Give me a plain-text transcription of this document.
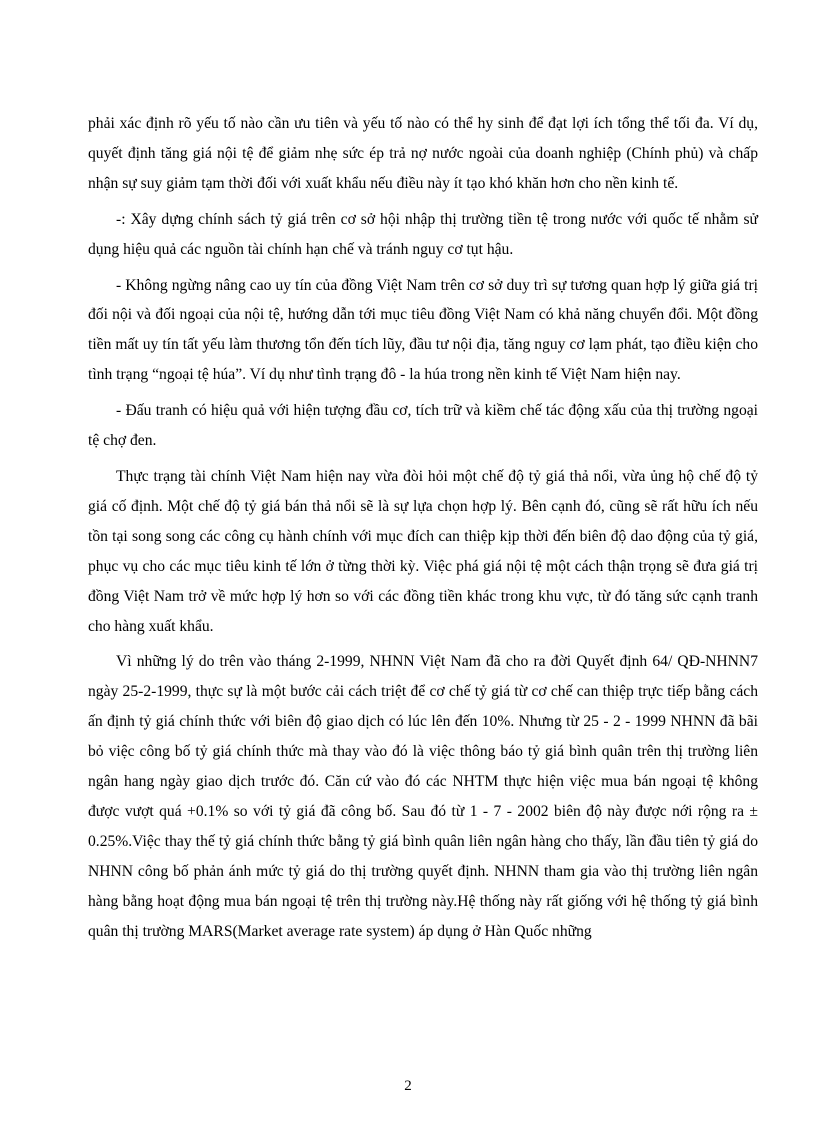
phải xác định rõ yếu tố nào cần ưu tiên và yếu tố nào có thể hy sinh để đạt lợi ích tổng thể tối đa. Ví dụ, quyết định tăng giá nội tệ để giảm nhẹ sức ép trả nợ nước ngoài của doanh nghiệp (Chính phủ) và chấp nhận sự suy giảm tạm thời đối với xuất khẩu nếu điều này ít tạo khó khăn hơn cho nền kinh tế.

-: Xây dựng chính sách tỷ giá trên cơ sở hội nhập thị trường tiền tệ trong nước với quốc tế nhằm sử dụng hiệu quả các nguồn tài chính hạn chế và tránh nguy cơ tụt hậu.

- Không ngừng nâng cao uy tín của đồng Việt Nam trên cơ sở duy trì sự tương quan hợp lý giữa giá trị đối nội và đối ngoại của nội tệ, hướng dẫn tới mục tiêu đồng Việt Nam có khả năng chuyển đổi. Một đồng tiền mất uy tín tất yếu làm thương tổn đến tích lũy, đầu tư nội địa, tăng nguy cơ lạm phát, tạo điều kiện cho tình trạng “ngoại tệ húa”. Ví dụ như tình trạng đô - la húa trong nền kinh tế Việt Nam hiện nay.

- Đấu tranh có hiệu quả với hiện tượng đầu cơ, tích trữ và kiềm chế tác động xấu của thị trường ngoại tệ chợ đen.

Thực trạng tài chính Việt Nam hiện nay vừa đòi hỏi một chế độ tỷ giá thả nổi, vừa ủng hộ chế độ tỷ giá cố định. Một chế độ tỷ giá bán thả nổi sẽ là sự lựa chọn hợp lý. Bên cạnh đó, cũng sẽ rất hữu ích nếu tồn tại song song các công cụ hành chính với mục đích can thiệp kịp thời đến biên độ dao động của tỷ giá, phục vụ cho các mục tiêu kinh tế lớn ở từng thời kỳ. Việc phá giá nội tệ một cách thận trọng sẽ đưa giá trị đồng Việt Nam trở về mức hợp lý hơn so với các đồng tiền khác trong khu vực, từ đó tăng sức cạnh tranh cho hàng xuất khẩu.

Vì những lý do trên vào tháng 2-1999, NHNN Việt Nam đã cho ra đời Quyết định 64/ QĐ-NHNN7 ngày 25-2-1999, thực sự là một bước cải cách triệt để cơ chế tỷ giá từ cơ chế can thiệp trực tiếp bằng cách ấn định tỷ giá chính thức với biên độ giao dịch có lúc lên đến 10%. Nhưng từ 25 - 2 - 1999 NHNN đã bãi bỏ việc công bố tỷ giá chính thức mà thay vào đó là việc thông báo tỷ giá bình quân trên thị trường liên ngân hang ngày giao dịch trước đó. Căn cứ vào đó các NHTM thực hiện việc mua bán ngoại tệ không được vượt quá +0.1% so với tỷ giá đã công bố. Sau đó từ 1 - 7 - 2002 biên độ này được nới rộng ra ± 0.25%.Việc thay thế tỷ giá chính thức bằng tỷ giá bình quân liên ngân hàng cho thấy, lần đầu tiên tỷ giá do NHNN công bố phản ánh mức tỷ giá do thị trường quyết định. NHNN tham gia vào thị trường liên ngân hàng bằng hoạt động mua bán ngoại tệ trên thị trường này.Hệ thống này rất giống với hệ thống tỷ giá bình quân thị trường MARS(Market average rate system) áp dụng ở Hàn Quốc những

2
